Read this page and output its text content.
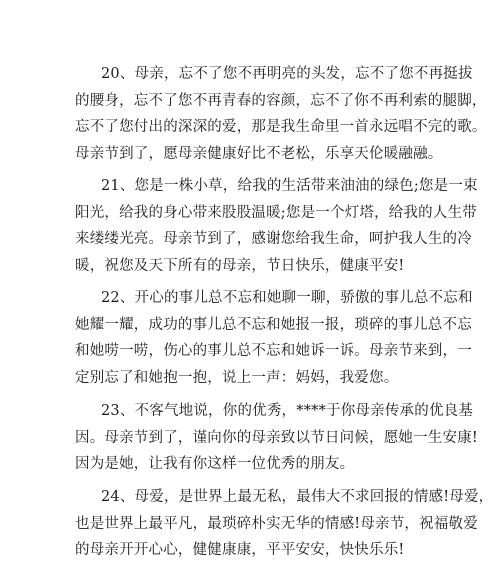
20、母亲，忘不了您不再明亮的头发，忘不了您不再挺拔
的腰身，忘不了您不再青春的容颜，忘不了你不再利索的腿脚，
忘不了您付出的深深的爱，那是我生命里一首永远唱不完的歌。
母亲节到了，愿母亲健康好比不老松，乐享天伦暖融融。
21、您是一株小草，给我的生活带来油油的绿色;您是一束
阳光，给我的身心带来股股温暖;您是一个灯塔，给我的人生带
来缕缕光亮。母亲节到了，感谢您给我生命，呵护我人生的冷
暖，祝您及天下所有的母亲，节日快乐，健康平安!
22、开心的事儿总不忘和她聊一聊，骄傲的事儿总不忘和
她耀一耀，成功的事儿总不忘和她报一报，琐碎的事儿总不忘
和她唠一唠，伤心的事儿总不忘和她诉一诉。母亲节来到，一
定别忘了和她抱一抱，说上一声：妈妈，我爱您。
23、不客气地说，你的优秀，****于你母亲传承的优良基
因。母亲节到了，谨向你的母亲致以节日问候，愿她一生安康!
因为是她，让我有你这样一位优秀的朋友。
24、母爱，是世界上最无私，最伟大不求回报的情感!母爱，
也是世界上最平凡，最琐碎朴实无华的情感!母亲节，祝福敬爱
的母亲开开心心，健健康康，平平安安，快快乐乐!
